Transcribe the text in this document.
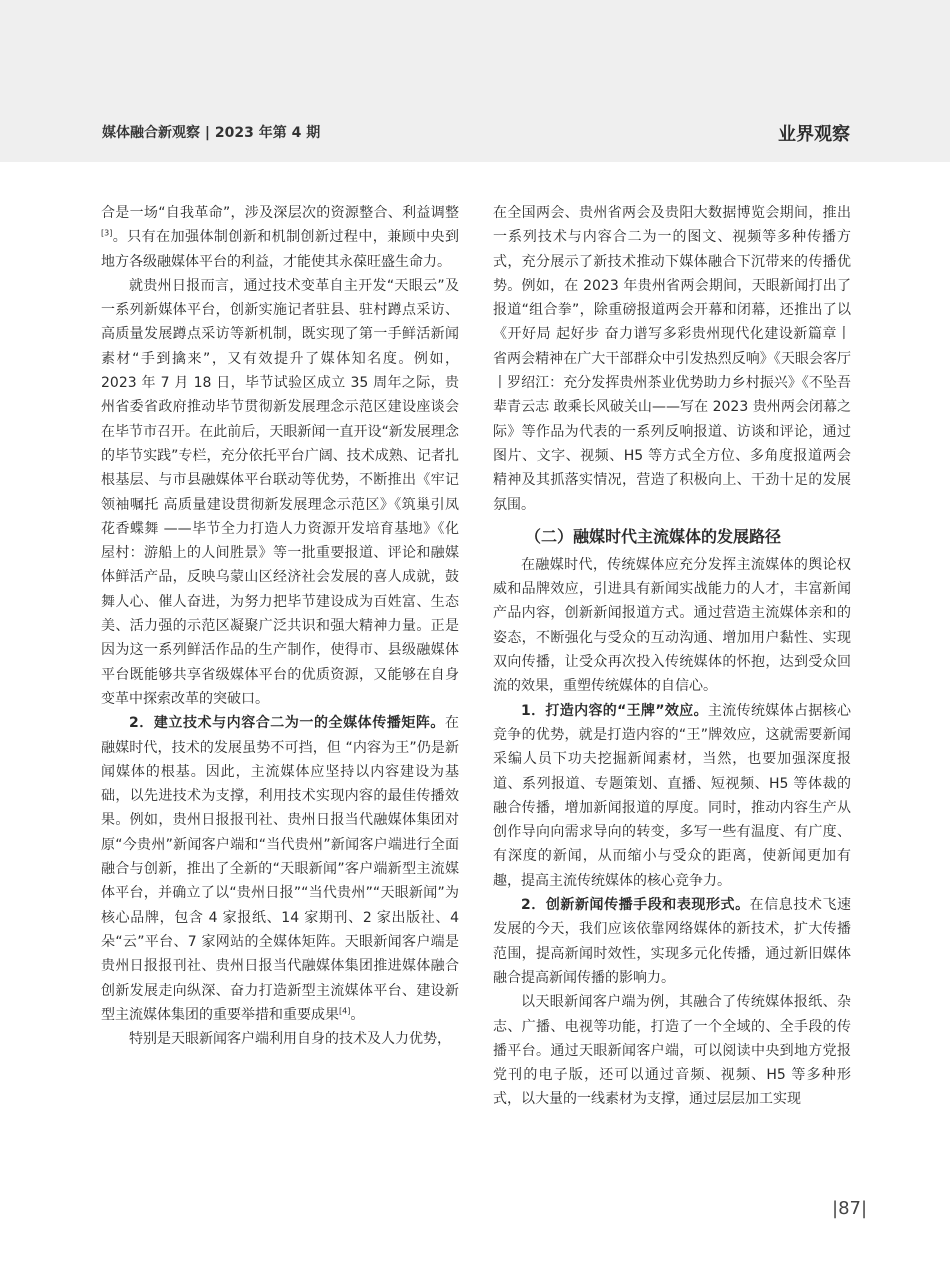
媒体融合新观察 | 2023 年第 4 期	业界观察

合是一场“自我革命”，涉及深层次的资源整合、利益调整[3]。只有在加强体制创新和机制创新过程中，兼顾中央到地方各级融媒体平台的利益，才能使其永葆旺盛生命力。

就贵州日报而言，通过技术变革自主开发“天眼云”及一系列新媒体平台，创新实施记者驻县、驻村蹲点采访、高质量发展蹲点采访等新机制，既实现了第一手鲜活新闻素材“手到擒来”，又有效提升了媒体知名度。例如，2023 年 7 月 18 日，毕节试验区成立 35 周年之际，贵州省委省政府推动毕节贯彻新发展理念示范区建设座谈会在毕节市召开。在此前后，天眼新闻一直开设“新发展理念的毕节实践”专栏，充分依托平台广阔、技术成熟、记者扎根基层、与市县融媒体平台联动等优势，不断推出《牢记领袖嘱托 高质量建设贯彻新发展理念示范区》《筑巢引凤 花香蝶舞 ——毕节全力打造人力资源开发培育基地》《化屋村：游船上的人间胜景》等一批重要报道、评论和融媒体鲜活产品，反映乌蒙山区经济社会发展的喜人成就，鼓舞人心、催人奋进，为努力把毕节建设成为百姓富、生态美、活力强的示范区凝聚广泛共识和强大精神力量。正是因为这一系列鲜活作品的生产制作，使得市、县级融媒体平台既能够共享省级媒体平台的优质资源，又能够在自身变革中探索改革的突破口。

2．建立技术与内容合二为一的全媒体传播矩阵。在融媒时代，技术的发展虽势不可挡，但 “内容为王”仍是新闻媒体的根基。因此，主流媒体应坚持以内容建设为基础，以先进技术为支撑，利用技术实现内容的最佳传播效果。例如，贵州日报报刊社、贵州日报当代融媒体集团对原“今贵州”新闻客户端和“当代贵州”新闻客户端进行全面融合与创新，推出了全新的“天眼新闻”客户端新型主流媒体平台，并确立了以“贵州日报”“当代贵州”“天眼新闻”为核心品牌，包含 4 家报纸、14 家期刊、2 家出版社、4 朵“云”平台、7 家网站的全媒体矩阵。天眼新闻客户端是贵州日报报刊社、贵州日报当代融媒体集团推进媒体融合创新发展走向纵深、奋力打造新型主流媒体平台、建设新型主流媒体集团的重要举措和重要成果[4]。

特别是天眼新闻客户端利用自身的技术及人力优势，

在全国两会、贵州省两会及贵阳大数据博览会期间，推出一系列技术与内容合二为一的图文、视频等多种传播方式，充分展示了新技术推动下媒体融合下沉带来的传播优势。例如，在 2023 年贵州省两会期间，天眼新闻打出了报道“组合拳”，除重磅报道两会开幕和闭幕，还推出了以《开好局 起好步 奋力谱写多彩贵州现代化建设新篇章丨省两会精神在广大干部群众中引发热烈反响》《天眼会客厅丨罗绍江：充分发挥贵州茶业优势助力乡村振兴》《不坠吾辈青云志 敢乘长风破关山——写在 2023 贵州两会闭幕之际》等作品为代表的一系列反响报道、访谈和评论，通过图片、文字、视频、H5 等方式全方位、多角度报道两会精神及其抓落实情况，营造了积极向上、干劲十足的发展氛围。

（二）融媒时代主流媒体的发展路径

在融媒时代，传统媒体应充分发挥主流媒体的舆论权威和品牌效应，引进具有新闻实战能力的人才，丰富新闻产品内容，创新新闻报道方式。通过营造主流媒体亲和的姿态，不断强化与受众的互动沟通、增加用户黏性、实现双向传播，让受众再次投入传统媒体的怀抱，达到受众回流的效果，重塑传统媒体的自信心。

1．打造内容的“王牌”效应。主流传统媒体占据核心竞争的优势，就是打造内容的“王”牌效应，这就需要新闻采编人员下功夫挖掘新闻素材，当然，也要加强深度报道、系列报道、专题策划、直播、短视频、H5 等体裁的融合传播，增加新闻报道的厚度。同时，推动内容生产从创作导向向需求导向的转变，多写一些有温度、有广度、有深度的新闻，从而缩小与受众的距离，使新闻更加有趣，提高主流传统媒体的核心竞争力。

2．创新新闻传播手段和表现形式。在信息技术飞速发展的今天，我们应该依靠网络媒体的新技术，扩大传播范围，提高新闻时效性，实现多元化传播，通过新旧媒体融合提高新闻传播的影响力。

以天眼新闻客户端为例，其融合了传统媒体报纸、杂志、广播、电视等功能，打造了一个全域的、全手段的传播平台。通过天眼新闻客户端，可以阅读中央到地方党报党刊的电子版，还可以通过音频、视频、H5 等多种形式，以大量的一线素材为支撑，通过层层加工实现

|87|
